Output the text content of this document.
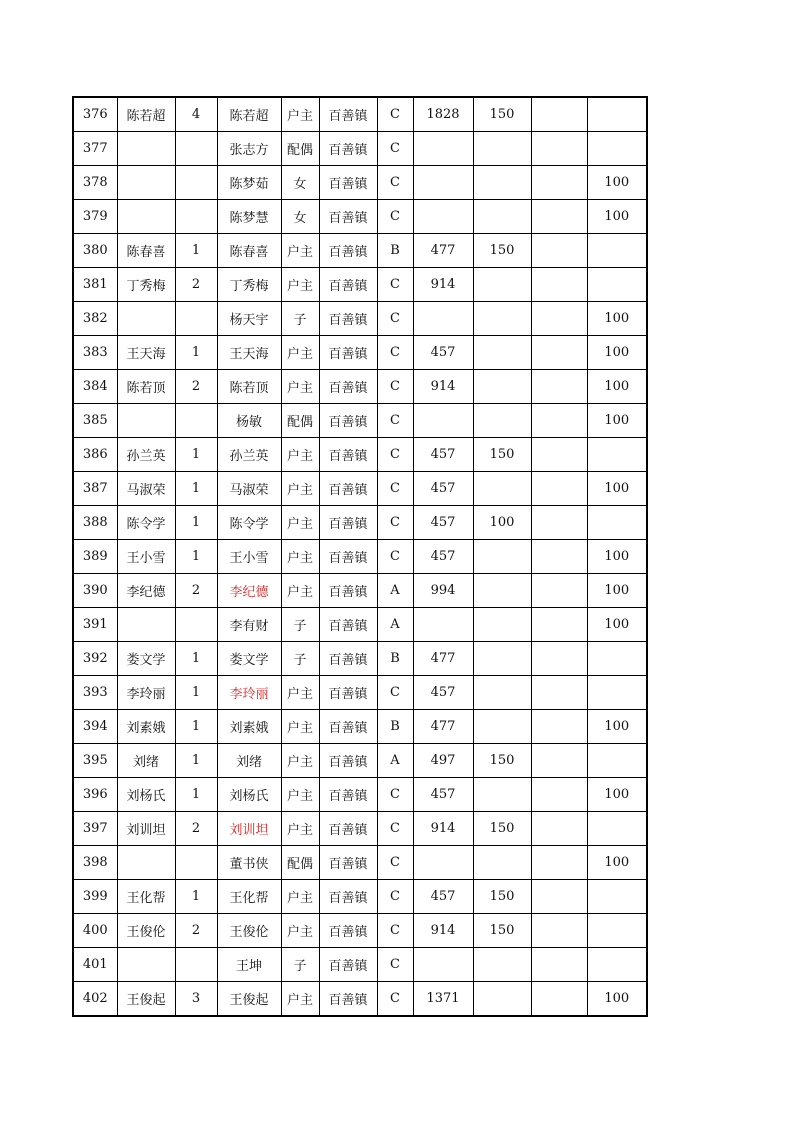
376	陈若超	4	陈若超	户主	百善镇	C	1828	150		
377			张志方	配偶	百善镇	C				
378			陈梦茹	女	百善镇	C				100
379			陈梦慧	女	百善镇	C				100
380	陈春喜	1	陈春喜	户主	百善镇	B	477	150		
381	丁秀梅	2	丁秀梅	户主	百善镇	C	914			
382			杨天宇	子	百善镇	C				100
383	王天海	1	王天海	户主	百善镇	C	457			100
384	陈若顶	2	陈若顶	户主	百善镇	C	914			100
385			杨敏	配偶	百善镇	C				100
386	孙兰英	1	孙兰英	户主	百善镇	C	457	150		
387	马淑荣	1	马淑荣	户主	百善镇	C	457			100
388	陈令学	1	陈令学	户主	百善镇	C	457	100		
389	王小雪	1	王小雪	户主	百善镇	C	457			100
390	李纪德	2	李纪德	户主	百善镇	A	994			100
391			李有财	子	百善镇	A				100
392	娄文学	1	娄文学	子	百善镇	B	477			
393	李玲丽	1	李玲丽	户主	百善镇	C	457			
394	刘素娥	1	刘素娥	户主	百善镇	B	477			100
395	刘绪	1	刘绪	户主	百善镇	A	497	150		
396	刘杨氏	1	刘杨氏	户主	百善镇	C	457			100
397	刘训坦	2	刘训坦	户主	百善镇	C	914	150		
398			董书侠	配偶	百善镇	C				100
399	王化帮	1	王化帮	户主	百善镇	C	457	150		
400	王俊伦	2	王俊伦	户主	百善镇	C	914	150		
401			王坤	子	百善镇	C				
402	王俊起	3	王俊起	户主	百善镇	C	1371			100
